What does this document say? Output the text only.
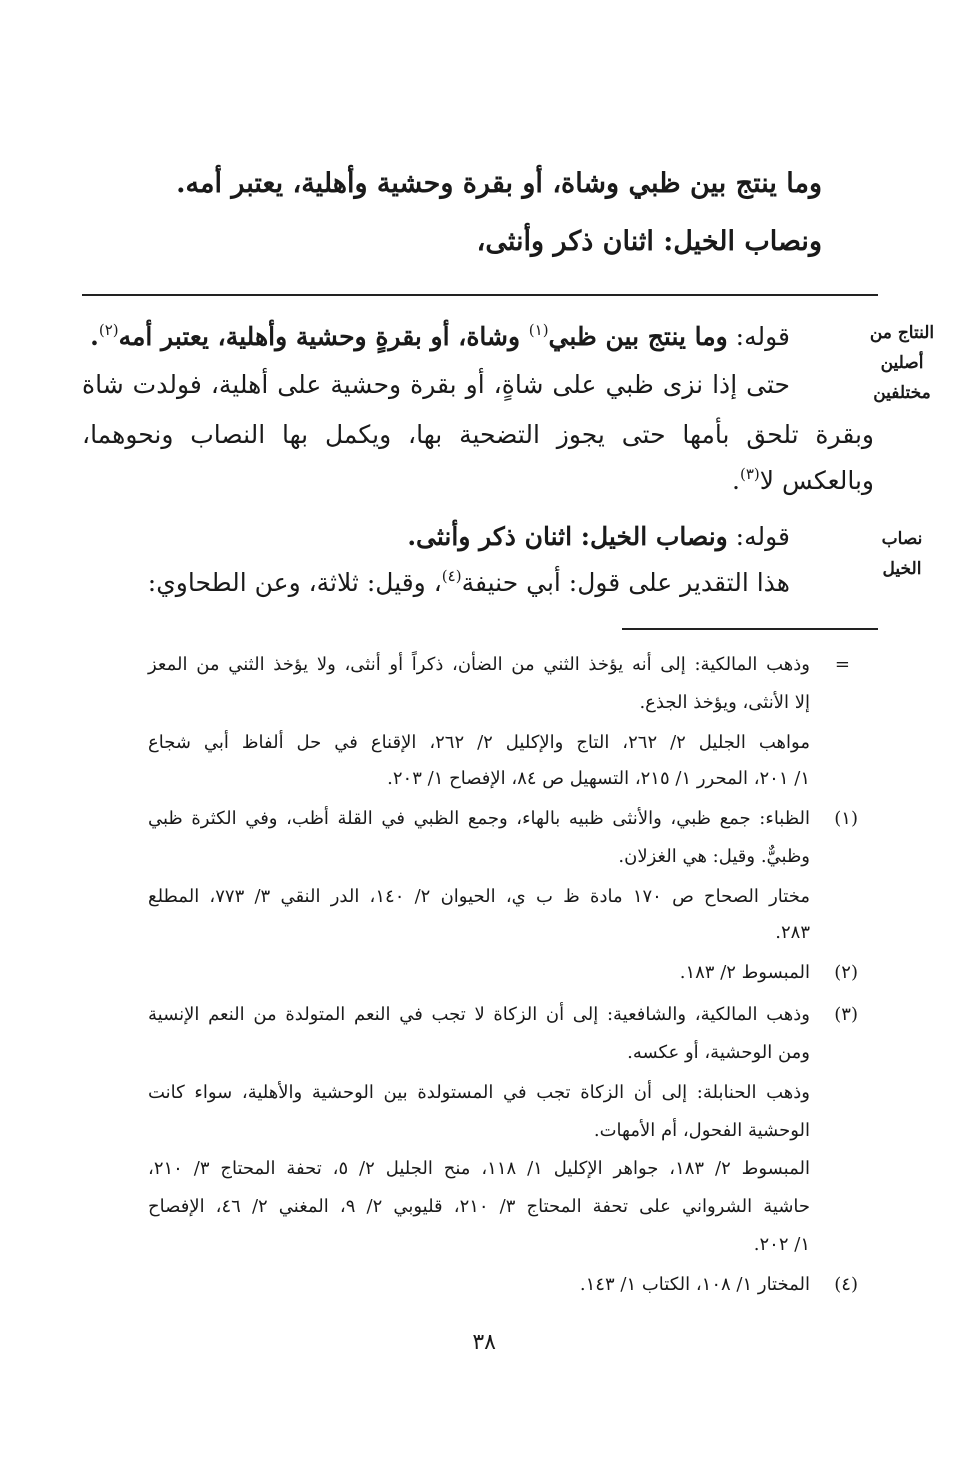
وما ينتج بين ظبي وشاة، أو بقرة وحشية وأهلية، يعتبر أمه.
ونصاب الخيل: اثنان ذكر وأنثى،
النتاج من
أصلين
مختلفين
نصاب
الخيل
قوله: وما ينتج بين ظبي$^{(١)}$ وشاة، أو بقرةٍ وحشية وأهلية، يعتبر أمه$^{(٢)}$.
حتى إذا نزى ظبي على شاةٍ، أو بقرة وحشية على أهلية، فولدت شاة
وبقرة تلحق بأمها حتى يجوز التضحية بها، ويكمل بها النصاب ونحوهما،
وبالعكس لا$^{(٣)}$.
قوله: ونصاب الخيل: اثنان ذكر وأنثى.
هذا التقدير على قول: أبي حنيفة$^{(٤)}$، وقيل: ثلاثة، وعن الطحاوي:
=
وذهب المالكية: إلى أنه يؤخذ الثني من الضأن، ذكراً أو أنثى، ولا يؤخذ الثني من المعز
إلا الأنثى، ويؤخذ الجذع.
مواهب الجليل ٢/ ٢٦٢، التاج والإكليل ٢/ ٢٦٢، الإقناع في حل ألفاظ أبي شجاع
١/ ٢٠١، المحرر ١/ ٢١٥، التسهيل ص ٨٤، الإفصاح ١/ ٢٠٣.
(١)
الظباء: جمع ظبي، والأنثى ظبيه بالهاء، وجمع الظبي في القلة أظب، وفي الكثرة ظبي
وظبيٌّ. وقيل: هي الغزلان.
مختار الصحاح ص ١٧٠ مادة ظ ب ي، الحيوان ٢/ ١٤٠، الدر النقي ٣/ ٧٧٣، المطلع
٢٨٣.
(٢)
المبسوط ٢/ ١٨٣.
(٣)
وذهب المالكية، والشافعية: إلى أن الزكاة لا تجب في النعم المتولدة من النعم الإنسية
ومن الوحشية، أو عكسه.
وذهب الحنابلة: إلى أن الزكاة تجب في المستولدة بين الوحشية والأهلية، سواء كانت
الوحشية الفحول، أم الأمهات.
المبسوط ٢/ ١٨٣، جواهر الإكليل ١/ ١١٨، منح الجليل ٢/ ٥، تحفة المحتاج ٣/ ٢١٠،
حاشية الشرواني على تحفة المحتاج ٣/ ٢١٠، قليوبي ٢/ ٩، المغني ٢/ ٤٦، الإفصاح
١/ ٢٠٢.
(٤)
المختار ١/ ١٠٨، الكتاب ١/ ١٤٣.
٣٨
